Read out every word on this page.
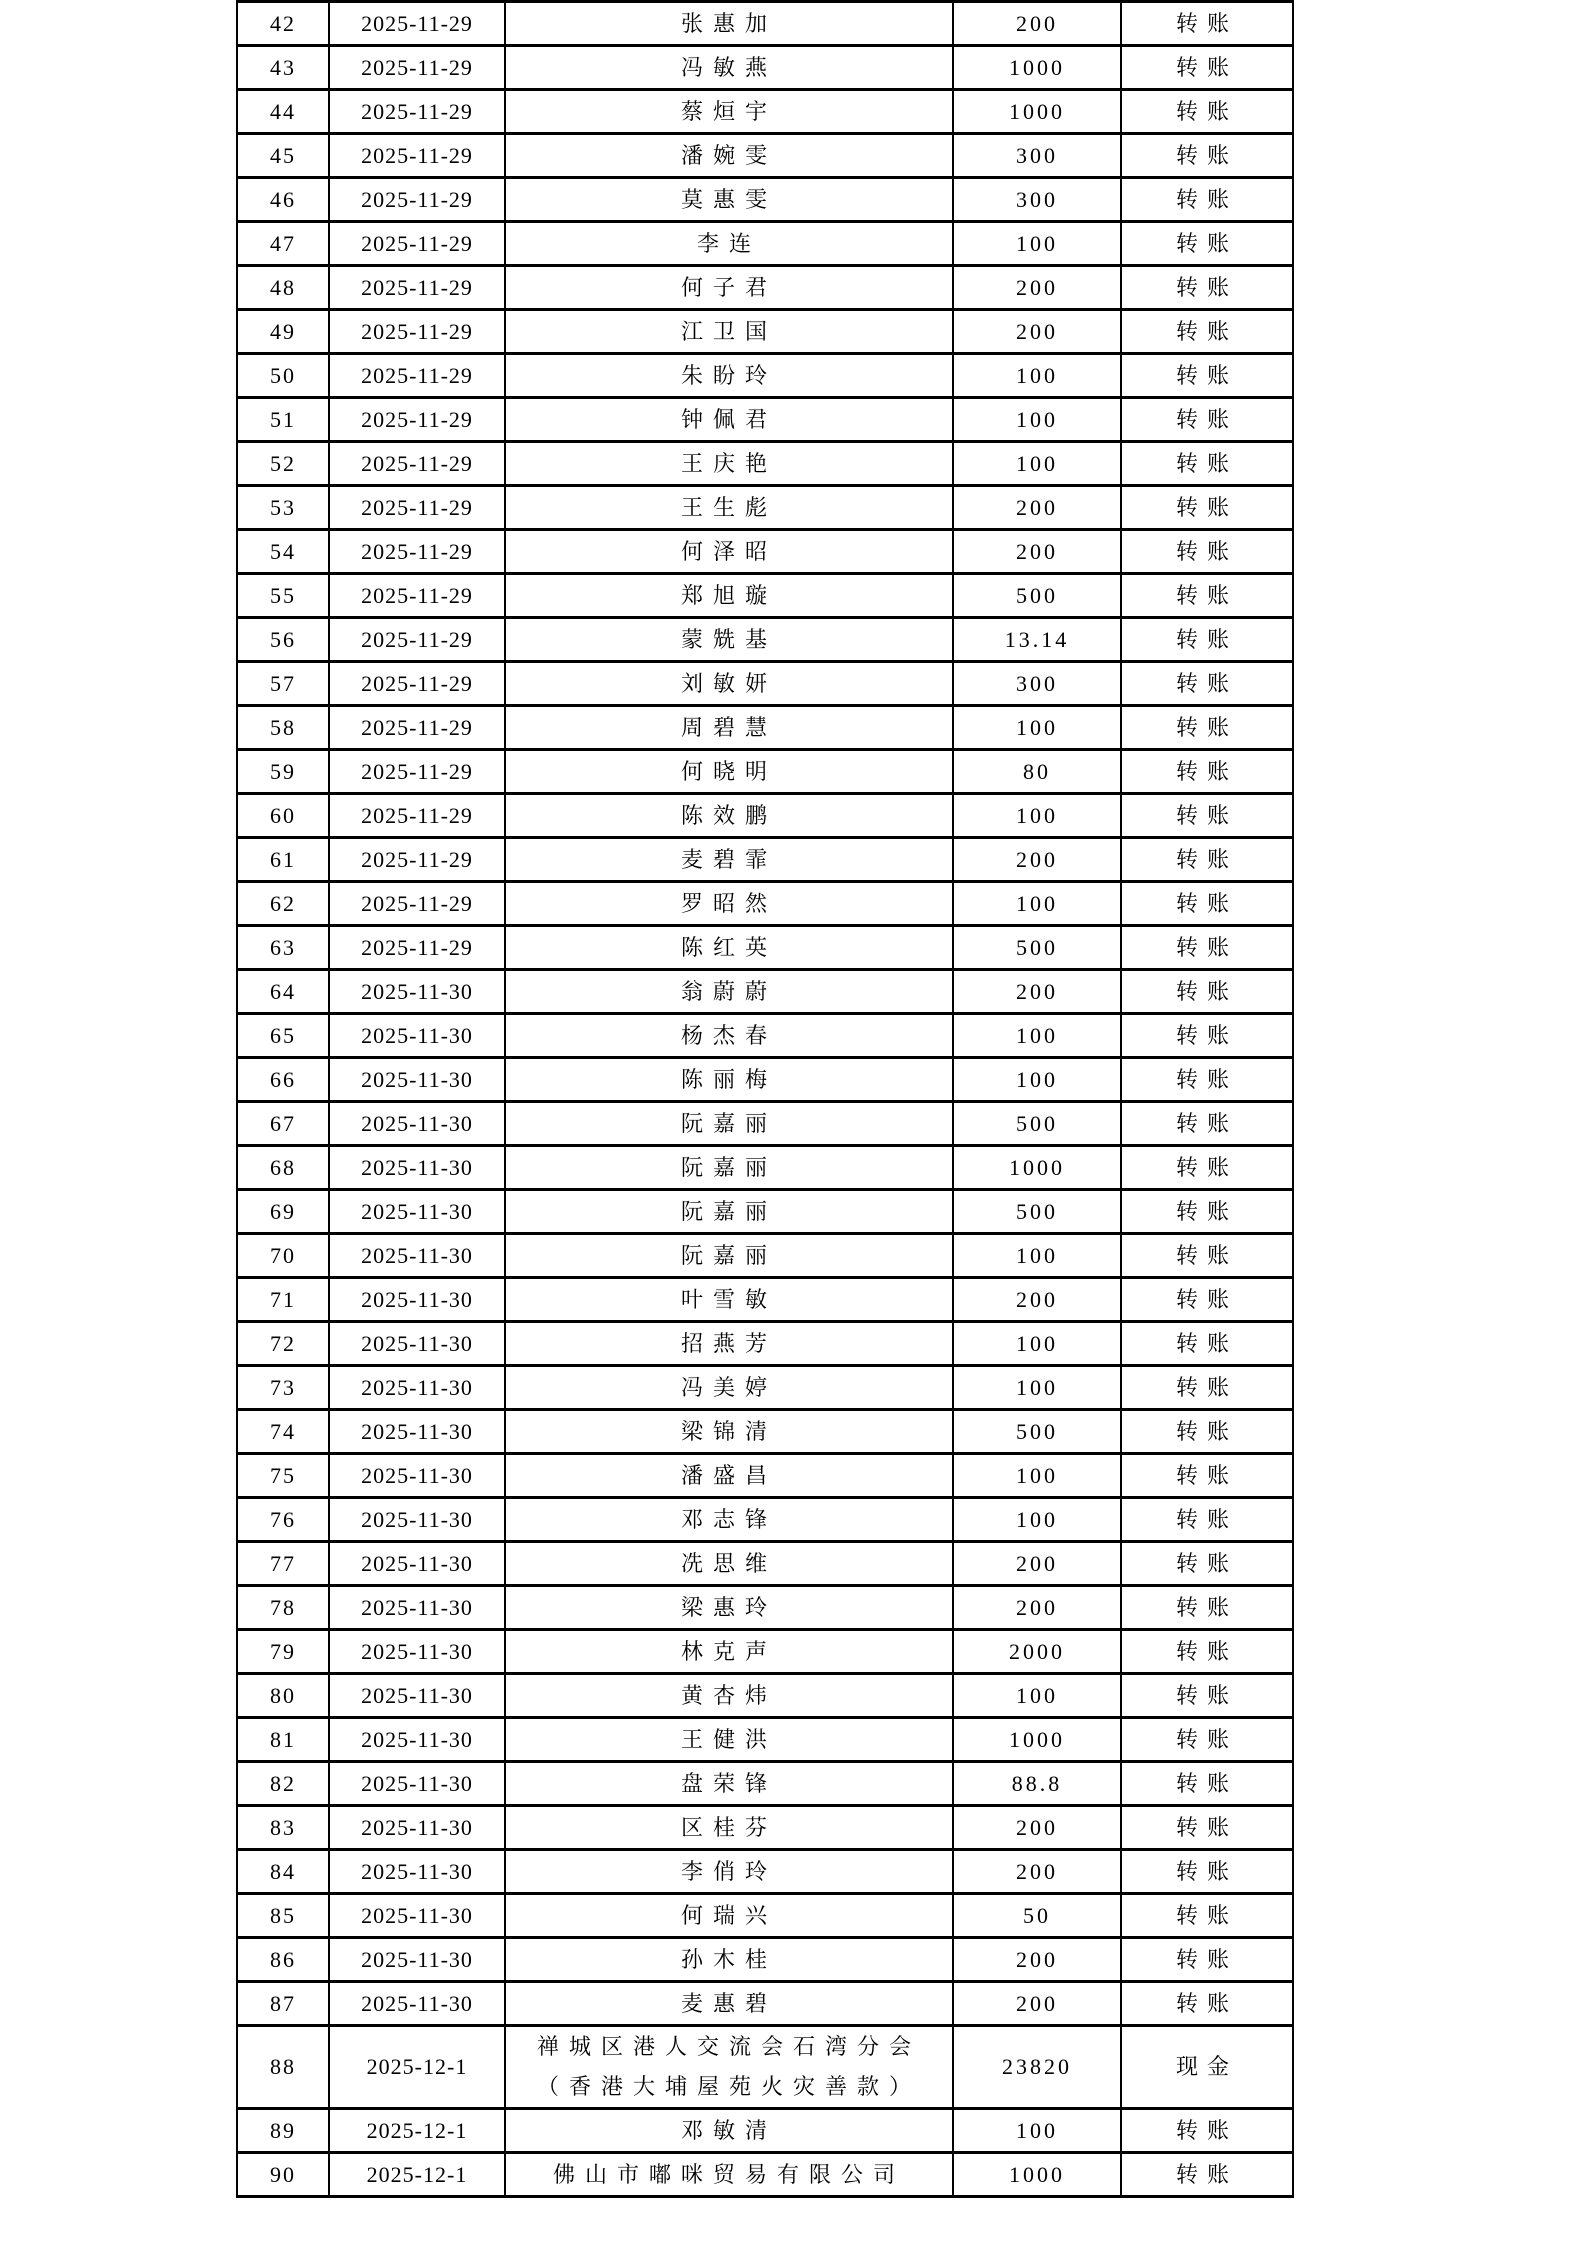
42	2025-11-29	张惠加	200	转账
43	2025-11-29	冯敏燕	1000	转账
44	2025-11-29	蔡烜宇	1000	转账
45	2025-11-29	潘婉雯	300	转账
46	2025-11-29	莫惠雯	300	转账
47	2025-11-29	李连	100	转账
48	2025-11-29	何子君	200	转账
49	2025-11-29	江卫国	200	转账
50	2025-11-29	朱盼玲	100	转账
51	2025-11-29	钟佩君	100	转账
52	2025-11-29	王庆艳	100	转账
53	2025-11-29	王生彪	200	转账
54	2025-11-29	何泽昭	200	转账
55	2025-11-29	郑旭璇	500	转账
56	2025-11-29	蒙兟基	13.14	转账
57	2025-11-29	刘敏妍	300	转账
58	2025-11-29	周碧慧	100	转账
59	2025-11-29	何晓明	80	转账
60	2025-11-29	陈效鹏	100	转账
61	2025-11-29	麦碧霏	200	转账
62	2025-11-29	罗昭然	100	转账
63	2025-11-29	陈红英	500	转账
64	2025-11-30	翁蔚蔚	200	转账
65	2025-11-30	杨杰春	100	转账
66	2025-11-30	陈丽梅	100	转账
67	2025-11-30	阮嘉丽	500	转账
68	2025-11-30	阮嘉丽	1000	转账
69	2025-11-30	阮嘉丽	500	转账
70	2025-11-30	阮嘉丽	100	转账
71	2025-11-30	叶雪敏	200	转账
72	2025-11-30	招燕芳	100	转账
73	2025-11-30	冯美婷	100	转账
74	2025-11-30	梁锦清	500	转账
75	2025-11-30	潘盛昌	100	转账
76	2025-11-30	邓志锋	100	转账
77	2025-11-30	冼思维	200	转账
78	2025-11-30	梁惠玲	200	转账
79	2025-11-30	林克声	2000	转账
80	2025-11-30	黄杏炜	100	转账
81	2025-11-30	王健洪	1000	转账
82	2025-11-30	盘荣锋	88.8	转账
83	2025-11-30	区桂芬	200	转账
84	2025-11-30	李俏玲	200	转账
85	2025-11-30	何瑞兴	50	转账
86	2025-11-30	孙木桂	200	转账
87	2025-11-30	麦惠碧	200	转账
88	2025-12-1	禅城区港人交流会石湾分会（香港大埔屋苑火灾善款）	23820	现金
89	2025-12-1	邓敏清	100	转账
90	2025-12-1	佛山市嘟咪贸易有限公司	1000	转账
